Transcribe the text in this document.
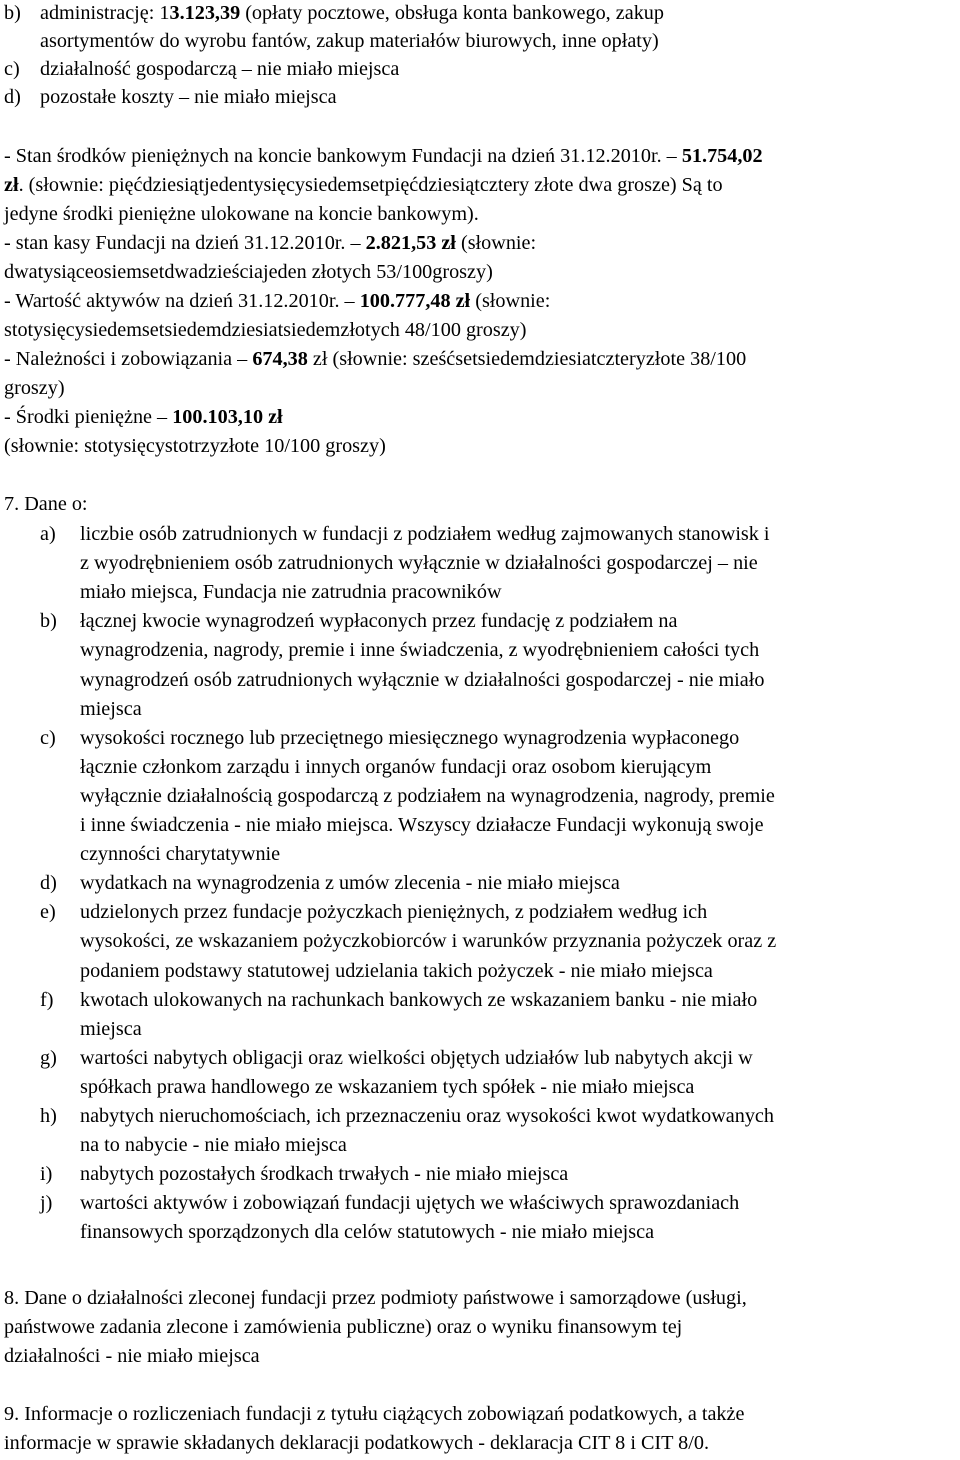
b) administrację: 13.123,39 (opłaty pocztowe, obsługa konta bankowego, zakup
asortymentów do wyrobu fantów, zakup materiałów biurowych, inne opłaty)
c) działalność gospodarczą – nie miało miejsca
d) pozostałe koszty – nie miało miejsca
- Stan środków pieniężnych na koncie bankowym Fundacji na dzień 31.12.2010r. – 51.754,02
zł. (słownie: pięćdziesiątjedentysięcysiedemsetpięćdziesiątcztery złote dwa grosze) Są to
jedyne środki pieniężne ulokowane na koncie bankowym).
- stan kasy Fundacji na dzień 31.12.2010r. – 2.821,53 zł (słownie:
dwatysiąceosiemsetdwadzieściajeden złotych 53/100groszy)
- Wartość aktywów na dzień 31.12.2010r. – 100.777,48 zł (słownie:
stotysięcysiedemsetsiedemdziesiatsiedemzłotych 48/100 groszy)
- Należności i zobowiązania – 674,38 zł (słownie: sześćsetsiedemdziesiatczteryzłote 38/100
groszy)
- Środki pieniężne – 100.103,10 zł
(słownie: stotysięcystotrzyzłote 10/100 groszy)
7. Dane o:
a) liczbie osób zatrudnionych w fundacji z podziałem według zajmowanych stanowisk i
z wyodrębnieniem osób zatrudnionych wyłącznie w działalności gospodarczej – nie
miało miejsca, Fundacja nie zatrudnia pracowników
b) łącznej kwocie wynagrodzeń wypłaconych przez fundację z podziałem na
wynagrodzenia, nagrody, premie i inne świadczenia, z wyodrębnieniem całości tych
wynagrodzeń osób zatrudnionych wyłącznie w działalności gospodarczej - nie miało
miejsca
c) wysokości rocznego lub przeciętnego miesięcznego wynagrodzenia wypłaconego
łącznie członkom zarządu i innych organów fundacji oraz osobom kierującym
wyłącznie działalnością gospodarczą z podziałem na wynagrodzenia, nagrody, premie
i inne świadczenia - nie miało miejsca. Wszyscy działacze Fundacji wykonują swoje
czynności charytatywnie
d) wydatkach na wynagrodzenia z umów zlecenia - nie miało miejsca
e) udzielonych przez fundacje pożyczkach pieniężnych, z podziałem według ich
wysokości, ze wskazaniem pożyczkobiorców i warunków przyznania pożyczek oraz z
podaniem podstawy statutowej udzielania takich pożyczek - nie miało miejsca
f) kwotach ulokowanych na rachunkach bankowych ze wskazaniem banku - nie miało
miejsca
g) wartości nabytych obligacji oraz wielkości objętych udziałów lub nabytych akcji w
spółkach prawa handlowego ze wskazaniem tych spółek - nie miało miejsca
h) nabytych nieruchomościach, ich przeznaczeniu oraz wysokości kwot wydatkowanych
na to nabycie - nie miało miejsca
i) nabytych pozostałych środkach trwałych - nie miało miejsca
j) wartości aktywów i zobowiązań fundacji ujętych we właściwych sprawozdaniach
finansowych sporządzonych dla celów statutowych - nie miało miejsca
8. Dane o działalności zleconej fundacji przez podmioty państwowe i samorządowe (usługi,
państwowe zadania zlecone i zamówienia publiczne) oraz o wyniku finansowym tej
działalności - nie miało miejsca
9. Informacje o rozliczeniach fundacji z tytułu ciążących zobowiązań podatkowych, a także
informacje w sprawie składanych deklaracji podatkowych - deklaracja CIT 8 i CIT 8/0.
